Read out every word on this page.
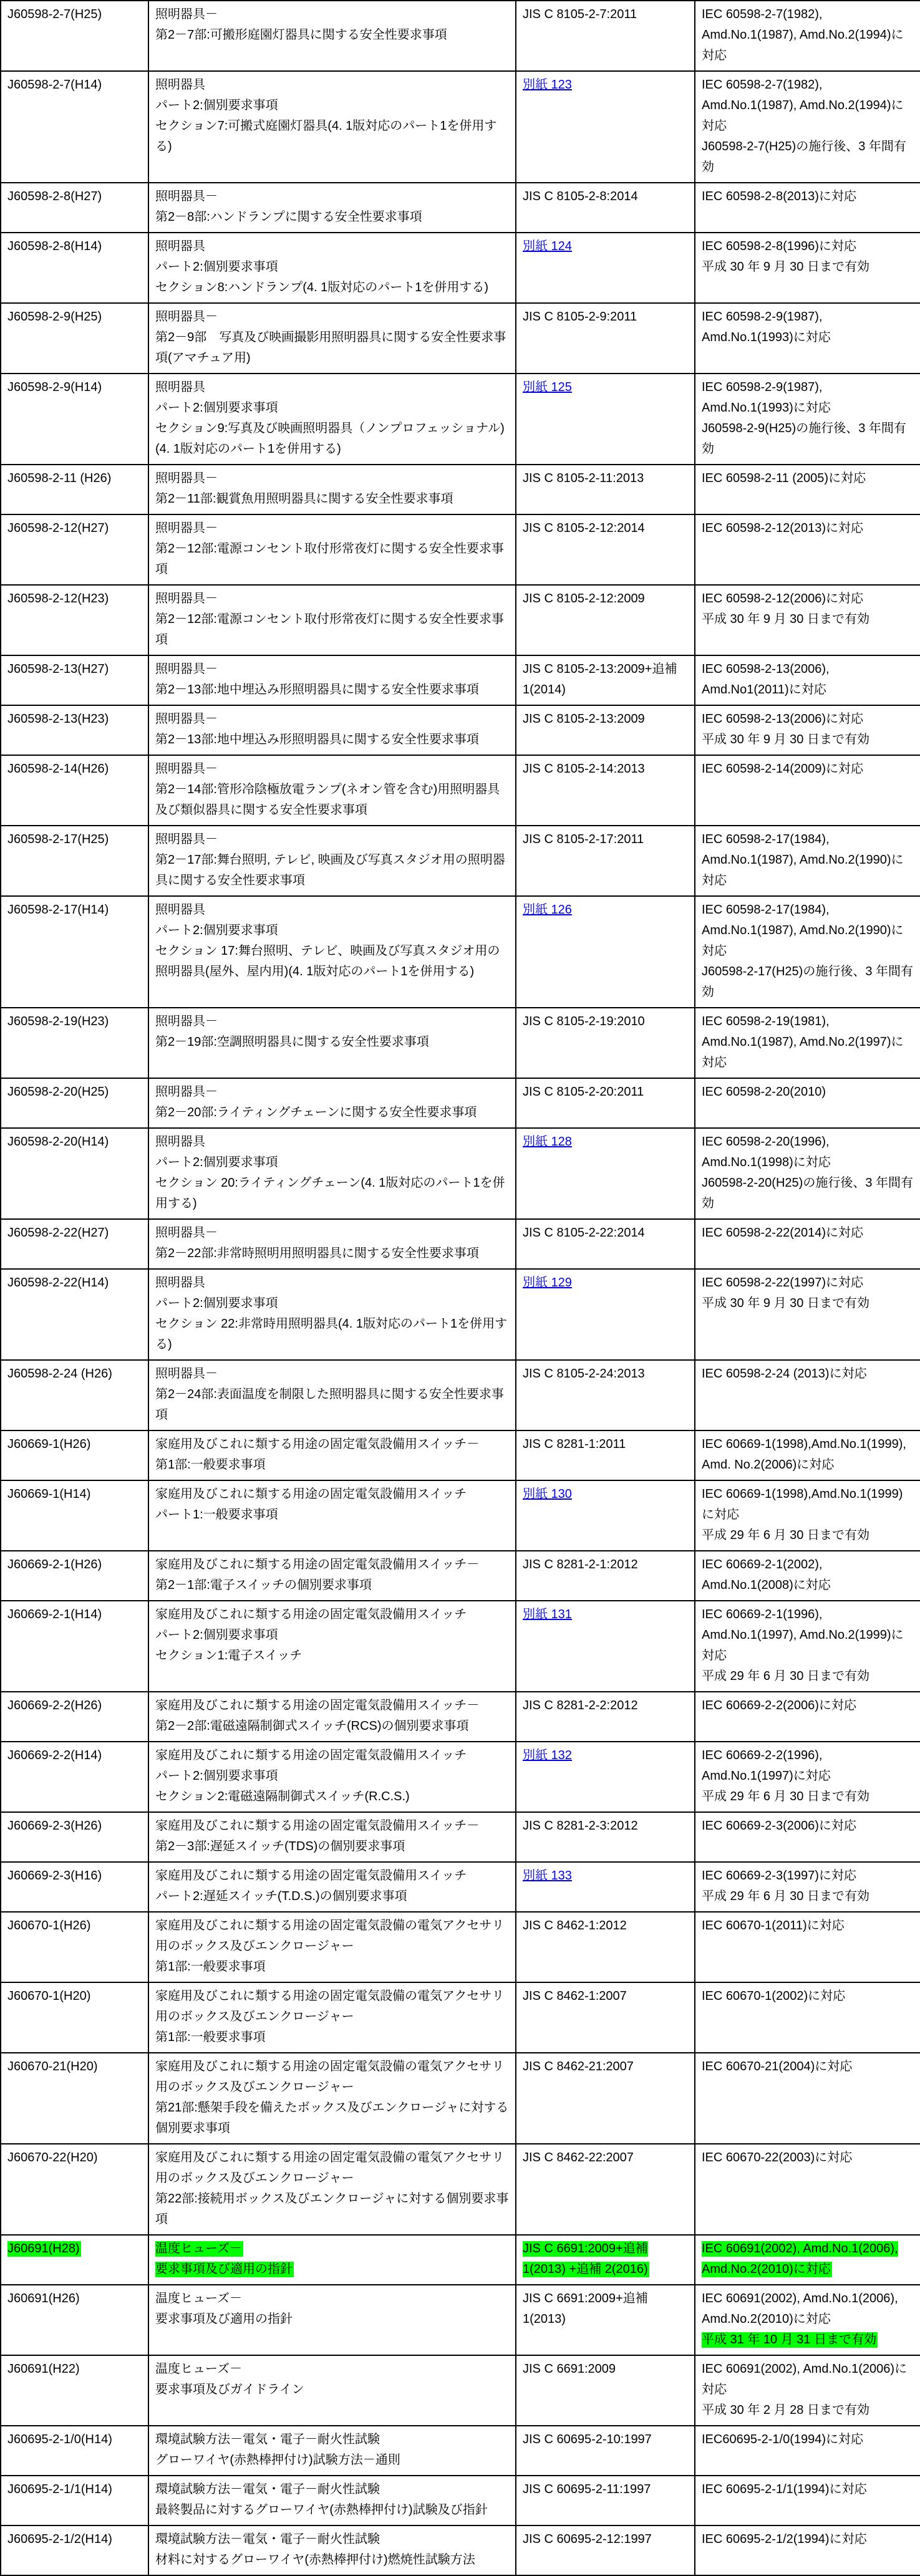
J60598-2-7(H25)	照明器具－
第2－7部:可搬形庭園灯器具に関する安全性要求事項	JIS C 8105-2-7:2011	IEC 60598-2-7(1982), Amd.No.1(1987), Amd.No.2(1994)に対応

J60598-2-7(H14)	照明器具
パート2:個別要求事項
セクション7:可搬式庭園灯器具(4. 1版対応のパート1を併用する)
	別紙 123	IEC 60598-2-7(1982), Amd.No.1(1987), Amd.No.2(1994)に対応
J60598-2-7(H25)の施行後、3 年間有効

J60598-2-8(H27)	照明器具－
第2－8部:ハンドランプに関する安全性要求事項	JIS C 8105-2-8:2014	IEC 60598-2-8(2013)に対応

J60598-2-8(H14)	照明器具
パート2:個別要求事項
セクション8:ハンドランプ(4. 1版対応のパート1を併用する)
	別紙 124	IEC 60598-2-8(1996)に対応
平成 30 年 9 月 30 日まで有効

J60598-2-9(H25)	照明器具－
第2－9部　写真及び映画撮影用照明器具に関する安全性要求事項(アマチュア用)	JIS C 8105-2-9:2011	IEC 60598-2-9(1987), Amd.No.1(1993)に対応

J60598-2-9(H14)	照明器具
パート2:個別要求事項
セクション9:写真及び映画照明器具（ノンプロフェッショナル)(4. 1版対応のパート1を併用する)
	別紙 125	IEC 60598-2-9(1987), Amd.No.1(1993)に対応
J60598-2-9(H25)の施行後、3 年間有効

J60598-2-11 (H26)	照明器具－
第2－11部:観賞魚用照明器具に関する安全性要求事項	JIS C 8105-2-11:2013	IEC 60598-2-11 (2005)に対応

J60598-2-12(H27)	照明器具－
第2－12部:電源コンセント取付形常夜灯に関する安全性要求事項	JIS C 8105-2-12:2014	IEC 60598-2-12(2013)に対応

J60598-2-12(H23)	照明器具－
第2－12部:電源コンセント取付形常夜灯に関する安全性要求事項
	JIS C 8105-2-12:2009	IEC 60598-2-12(2006)に対応
平成 30 年 9 月 30 日まで有効

J60598-2-13(H27)	照明器具－
第2－13部:地中埋込み形照明器具に関する安全性要求事項	JIS C 8105-2-13:2009+追補 1(2014)	IEC 60598-2-13(2006), Amd.No1(2011)に対応

J60598-2-13(H23)	照明器具－
第2－13部:地中埋込み形照明器具に関する安全性要求事項
	JIS C 8105-2-13:2009	IEC 60598-2-13(2006)に対応
平成 30 年 9 月 30 日まで有効

J60598-2-14(H26)	照明器具－
第2－14部:管形冷陰極放電ランプ(ネオン管を含む)用照明器具及び類似器具に関する安全性要求事項	JIS C 8105-2-14:2013	IEC 60598-2-14(2009)に対応

J60598-2-17(H25)	照明器具－
第2－17部:舞台照明, テレビ, 映画及び写真スタジオ用の照明器具に関する安全性要求事項	JIS C 8105-2-17:2011	IEC 60598-2-17(1984), Amd.No.1(1987), Amd.No.2(1990)に対応

J60598-2-17(H14)	照明器具
パート2:個別要求事項
セクション 17:舞台照明、テレビ、映画及び写真スタジオ用の照明器具(屋外、屋内用)(4. 1版対応のパート1を併用する)
	別紙 126	IEC 60598-2-17(1984), Amd.No.1(1987), Amd.No.2(1990)に対応
J60598-2-17(H25)の施行後、3 年間有効

J60598-2-19(H23)	照明器具－
第2－19部:空調照明器具に関する安全性要求事項	JIS C 8105-2-19:2010	IEC 60598-2-19(1981), Amd.No.1(1987), Amd.No.2(1997)に対応

J60598-2-20(H25)	照明器具－
第2－20部:ライティングチェーンに関する安全性要求事項	JIS C 8105-2-20:2011	IEC 60598-2-20(2010)

J60598-2-20(H14)	照明器具
パート2:個別要求事項
セクション 20:ライティングチェーン(4. 1版対応のパート1を併用する)
	別紙 128	IEC 60598-2-20(1996), Amd.No.1(1998)に対応
J60598-2-20(H25)の施行後、3 年間有効

J60598-2-22(H27)	照明器具－
第2－22部:非常時照明用照明器具に関する安全性要求事項	JIS C 8105-2-22:2014	IEC 60598-2-22(2014)に対応

J60598-2-22(H14)	照明器具
パート2:個別要求事項
セクション 22:非常時用照明器具(4. 1版対応のパート1を併用する)
	別紙 129	IEC 60598-2-22(1997)に対応
平成 30 年 9 月 30 日まで有効

J60598-2-24 (H26)	照明器具－
第2－24部:表面温度を制限した照明器具に関する安全性要求事項	JIS C 8105-2-24:2013	IEC 60598-2-24 (2013)に対応

J60669-1(H26)	家庭用及びこれに類する用途の固定電気設備用スイッチ－
第1部:一般要求事項	JIS C 8281-1:2011	IEC 60669-1(1998),Amd.No.1(1999), Amd. No.2(2006)に対応

J60669-1(H14)	家庭用及びこれに類する用途の固定電気設備用スイッチ
パート1:一般要求事項
	別紙 130	IEC 60669-1(1998),Amd.No.1(1999)に対応
平成 29 年 6 月 30 日まで有効

J60669-2-1(H26)	家庭用及びこれに類する用途の固定電気設備用スイッチ－
第2－1部:電子スイッチの個別要求事項	JIS C 8281-2-1:2012	IEC 60669-2-1(2002), Amd.No.1(2008)に対応

J60669-2-1(H14)	家庭用及びこれに類する用途の固定電気設備用スイッチ
パート2:個別要求事項
セクション1:電子スイッチ
	別紙 131	IEC 60669-2-1(1996), Amd.No.1(1997), Amd.No.2(1999)に対応
平成 29 年 6 月 30 日まで有効

J60669-2-2(H26)	家庭用及びこれに類する用途の固定電気設備用スイッチ－
第2－2部:電磁遠隔制御式スイッチ(RCS)の個別要求事項	JIS C 8281-2-2:2012	IEC 60669-2-2(2006)に対応

J60669-2-2(H14)	家庭用及びこれに類する用途の固定電気設備用スイッチ
パート2:個別要求事項
セクション2:電磁遠隔制御式スイッチ(R.C.S.)
	別紙 132	IEC 60669-2-2(1996), Amd.No.1(1997)に対応
平成 29 年 6 月 30 日まで有効

J60669-2-3(H26)	家庭用及びこれに類する用途の固定電気設備用スイッチ－
第2－3部:遅延スイッチ(TDS)の個別要求事項	JIS C 8281-2-3:2012	IEC 60669-2-3(2006)に対応

J60669-2-3(H16)	家庭用及びこれに類する用途の固定電気設備用スイッチ
パート2:遅延スイッチ(T.D.S.)の個別要求事項
	別紙 133	IEC 60669-2-3(1997)に対応
平成 29 年 6 月 30 日まで有効

J60670-1(H26)	家庭用及びこれに類する用途の固定電気設備の電気アクセサリ用のボックス及びエンクロージャー
第1部:一般要求事項	JIS C 8462-1:2012	IEC 60670-1(2011)に対応

J60670-1(H20)	家庭用及びこれに類する用途の固定電気設備の電気アクセサリ用のボックス及びエンクロージャー
第1部:一般要求事項	JIS C 8462-1:2007	IEC 60670-1(2002)に対応

J60670-21(H20)	家庭用及びこれに類する用途の固定電気設備の電気アクセサリ用のボックス及びエンクロージャー
第21部:懸架手段を備えたボックス及びエンクロージャに対する個別要求事項	JIS C 8462-21:2007	IEC 60670-21(2004)に対応

J60670-22(H20)	家庭用及びこれに類する用途の固定電気設備の電気アクセサリ用のボックス及びエンクロージャー
第22部:接続用ボックス及びエンクロージャに対する個別要求事項	JIS C 8462-22:2007	IEC 60670-22(2003)に対応

J60691(H28)	温度ヒューズ－
要求事項及び適用の指針	JIS C 6691:2009+追補 1(2013) +追補 2(2016)	IEC 60691(2002), Amd.No.1(2006), Amd.No.2(2010)に対応

J60691(H26)	温度ヒューズ－
要求事項及び適用の指針
	JIS C 6691:2009+追補 1(2013)	
IEC 60691(2002), Amd.No.1(2006), Amd.No.2(2010)に対応
平成 31 年 10 月 31 日まで有効

J60691(H22)	温度ヒューズ－
要求事項及びガイドライン
	JIS C 6691:2009	IEC 60691(2002), Amd.No.1(2006)に対応
平成 30 年 2 月 28 日まで有効

J60695-2-1/0(H14)	環境試験方法－電気・電子－耐火性試験
グローワイヤ(赤熱棒押付け)試験方法－通則	JIS C 60695-2-10:1997	IEC60695-2-1/0(1994)に対応

J60695-2-1/1(H14)	環境試験方法－電気・電子－耐火性試験
最終製品に対するグローワイヤ(赤熱棒押付け)試験及び指針	JIS C 60695-2-11:1997	IEC 60695-2-1/1(1994)に対応

J60695-2-1/2(H14)	環境試験方法－電気・電子－耐火性試験
材料に対するグローワイヤ(赤熱棒押付け)燃焼性試験方法	JIS C 60695-2-12:1997	IEC 60695-2-1/2(1994)に対応
